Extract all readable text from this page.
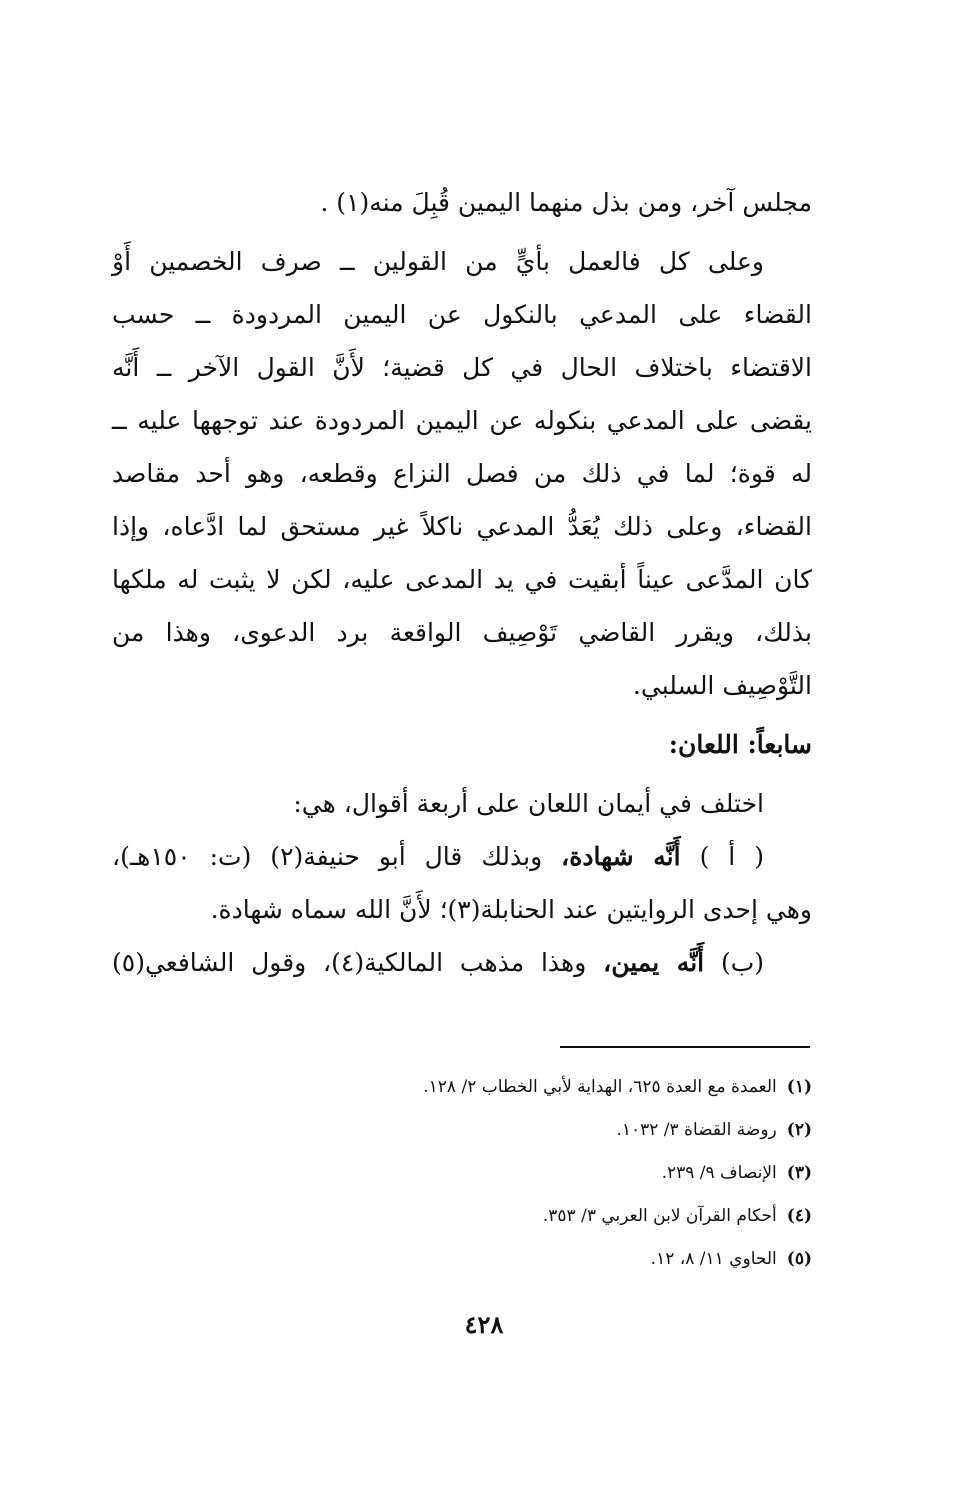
مجلس آخر، ومن بذل منهما اليمين قُبِلَ منه(١) .
وعلى كل فالعمل بأيٍّ من القولين ــ صرف الخصمين أَوْ
القضاء على المدعي بالنكول عن اليمين المردودة ــ حسب
الاقتضاء باختلاف الحال في كل قضية؛ لأَنَّ القول الآخر ــ أَنَّه
يقضى على المدعي بنكوله عن اليمين المردودة عند توجهها عليه ــ
له قوة؛ لما في ذلك من فصل النزاع وقطعه، وهو أحد مقاصد
القضاء، وعلى ذلك يُعَدُّ المدعي ناكلاً غير مستحق لما ادَّعاه، وإذا
كان المدَّعى عيناً أبقيت في يد المدعى عليه، لكن لا يثبت له ملكها
بذلك، ويقرر القاضي تَوْصِيف الواقعة برد الدعوى، وهذا من
التَّوْصِيف السلبي.
سابعاً: اللعان:
اختلف في أيمان اللعان على أربعة أقوال، هي:
( أ ) أَنَّه شهادة، وبذلك قال أبو حنيفة(٢) (ت: ١٥٠هـ)،
وهي إحدى الروايتين عند الحنابلة(٣)؛ لأَنَّ الله سماه شهادة.
(ب) أَنَّه يمين، وهذا مذهب المالكية(٤)، وقول الشافعي(٥)
(١)العمدة مع العدة ٦٢٥، الهداية لأبي الخطاب ٢/ ١٢٨.
(٢)روضة القضاة ٣/ ١٠٣٢.
(٣)الإنصاف ٩/ ٢٣٩.
(٤)أحكام القرآن لابن العربي ٣/ ٣٥٣.
(٥)الحاوي ١١/ ٨، ١٢.
٤٢٨
